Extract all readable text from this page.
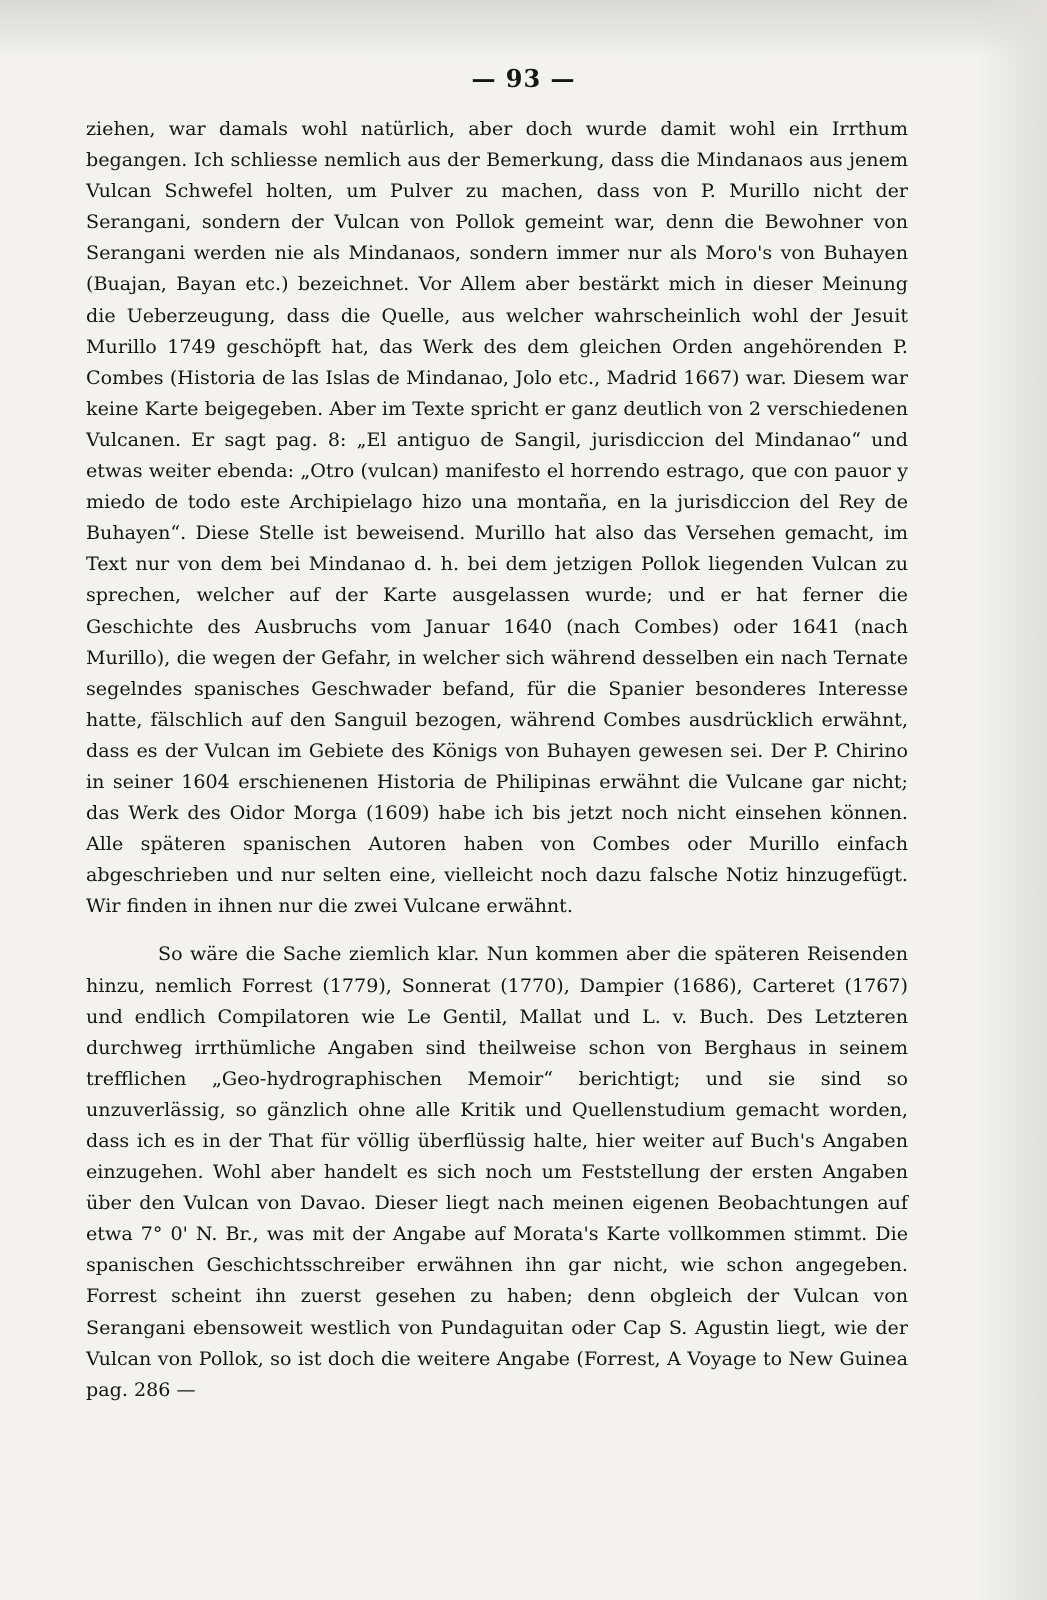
— 93 —

ziehen, war damals wohl natürlich, aber doch wurde damit wohl ein Irrthum begangen. Ich schliesse nemlich aus der Bemerkung, dass die Mindanaos aus jenem Vulcan Schwefel holten, um Pulver zu machen, dass von P. Murillo nicht der Serangani, sondern der Vulcan von Pollok gemeint war, denn die Bewohner von Serangani werden nie als Mindanaos, sondern immer nur als Moro's von Buhayen (Buajan, Bayan etc.) bezeichnet. Vor Allem aber bestärkt mich in dieser Meinung die Ueberzeugung, dass die Quelle, aus welcher wahrscheinlich wohl der Jesuit Murillo 1749 geschöpft hat, das Werk des dem gleichen Orden angehörenden P. Combes (Historia de las Islas de Mindanao, Jolo etc., Madrid 1667) war. Diesem war keine Karte beigegeben. Aber im Texte spricht er ganz deutlich von 2 verschiedenen Vulcanen. Er sagt pag. 8: „El antiguo de Sangil, jurisdiccion del Mindanao“ und etwas weiter ebenda: „Otro (vulcan) manifesto el horrendo estrago, que con pauor y miedo de todo este Archipielago hizo una montaña, en la jurisdiccion del Rey de Buhayen“. Diese Stelle ist beweisend. Murillo hat also das Versehen gemacht, im Text nur von dem bei Mindanao d. h. bei dem jetzigen Pollok liegenden Vulcan zu sprechen, welcher auf der Karte ausgelassen wurde; und er hat ferner die Geschichte des Ausbruchs vom Januar 1640 (nach Combes) oder 1641 (nach Murillo), die wegen der Gefahr, in welcher sich während desselben ein nach Ternate segelndes spanisches Geschwader befand, für die Spanier besonderes Interesse hatte, fälschlich auf den Sanguil bezogen, während Combes ausdrücklich erwähnt, dass es der Vulcan im Gebiete des Königs von Buhayen gewesen sei. Der P. Chirino in seiner 1604 erschienenen Historia de Philipinas erwähnt die Vulcane gar nicht; das Werk des Oidor Morga (1609) habe ich bis jetzt noch nicht einsehen können. Alle späteren spanischen Autoren haben von Combes oder Murillo einfach abgeschrieben und nur selten eine, vielleicht noch dazu falsche Notiz hinzugefügt. Wir finden in ihnen nur die zwei Vulcane erwähnt.

So wäre die Sache ziemlich klar. Nun kommen aber die späteren Reisenden hinzu, nemlich Forrest (1779), Sonnerat (1770), Dampier (1686), Carteret (1767) und endlich Compilatoren wie Le Gentil, Mallat und L. v. Buch. Des Letzteren durchweg irrthümliche Angaben sind theilweise schon von Berghaus in seinem trefflichen „Geo-hydrographischen Memoir“ berichtigt; und sie sind so unzuverlässig, so gänzlich ohne alle Kritik und Quellenstudium gemacht worden, dass ich es in der That für völlig überflüssig halte, hier weiter auf Buch's Angaben einzugehen. Wohl aber handelt es sich noch um Feststellung der ersten Angaben über den Vulcan von Davao. Dieser liegt nach meinen eigenen Beobachtungen auf etwa 7° 0' N. Br., was mit der Angabe auf Morata's Karte vollkommen stimmt. Die spanischen Geschichtsschreiber erwähnen ihn gar nicht, wie schon angegeben. Forrest scheint ihn zuerst gesehen zu haben; denn obgleich der Vulcan von Serangani ebensoweit westlich von Pundaguitan oder Cap S. Agustin liegt, wie der Vulcan von Pollok, so ist doch die weitere Angabe (Forrest, A Voyage to New Guinea pag. 286 —
